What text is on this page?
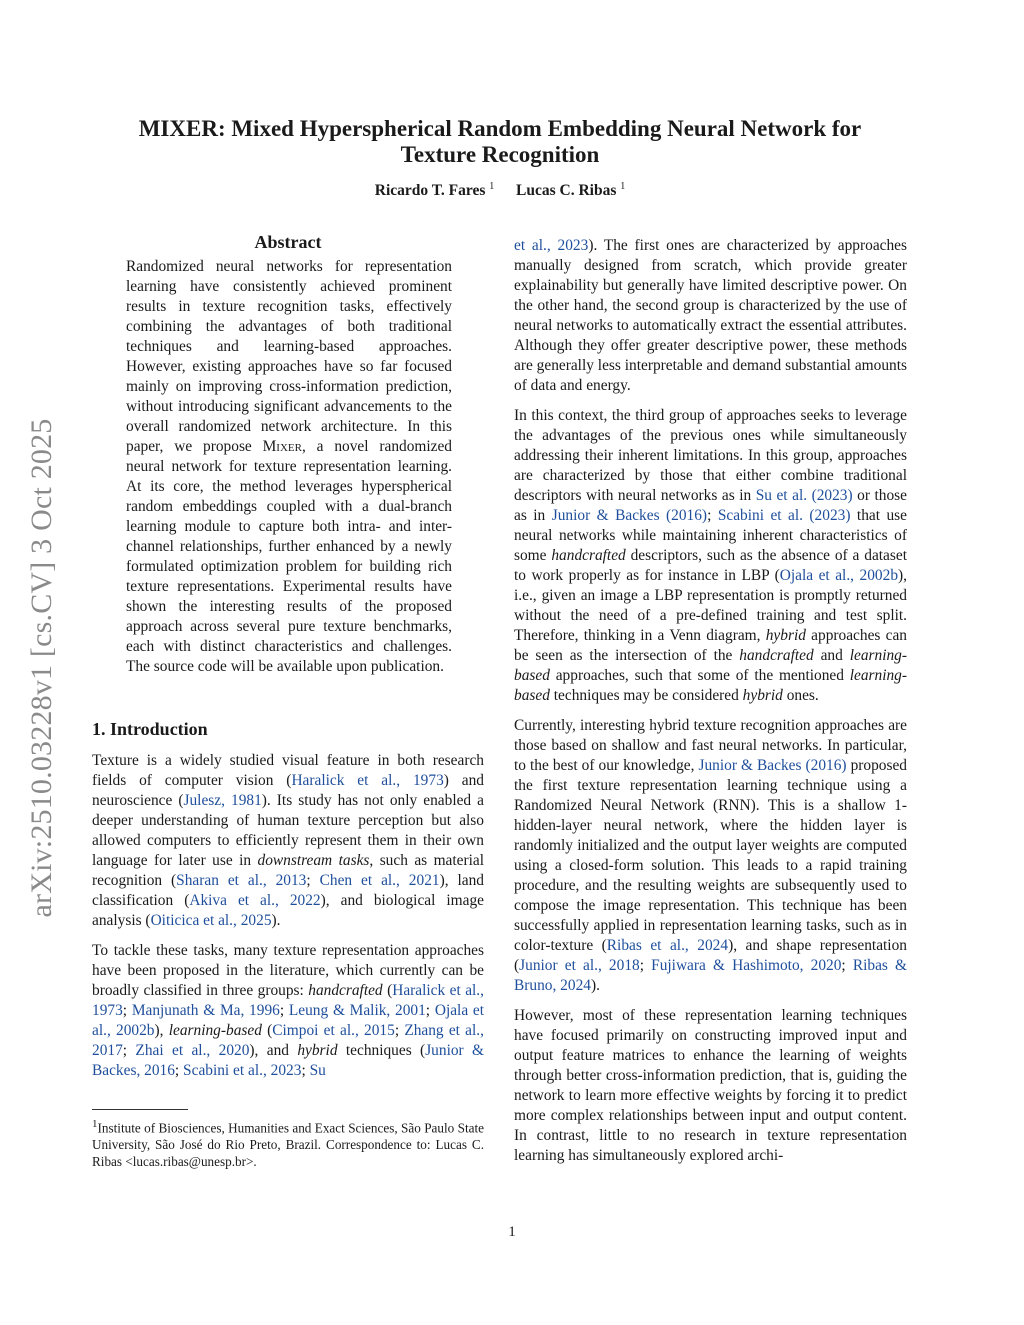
arXiv:2510.03228v1 [cs.CV] 3 Oct 2025
MIXER: Mixed Hyperspherical Random Embedding Neural Network for
Texture Recognition
Ricardo T. Fares $^1$ Lucas C. Ribas $^1$
Abstract

Randomized neural networks for representation learning have consistently achieved prominent results in texture recognition tasks, effectively combining the advantages of both traditional techniques and learning-based approaches. However, existing approaches have so far focused mainly on improving cross-information prediction, without introducing significant advancements to the overall randomized network architecture. In this paper, we propose Mixer, a novel randomized neural network for texture representation learning. At its core, the method leverages hyperspherical random embeddings coupled with a dual-branch learning module to capture both intra- and inter-channel relationships, further enhanced by a newly formulated optimization problem for building rich texture representations. Experimental results have shown the interesting results of the proposed approach across several pure texture benchmarks, each with distinct characteristics and challenges. The source code will be available upon publication.

1. Introduction

Texture is a widely studied visual feature in both research fields of computer vision (Haralick et al., 1973) and neuroscience (Julesz, 1981). Its study has not only enabled a deeper understanding of human texture perception but also allowed computers to efficiently represent them in their own language for later use in downstream tasks, such as material recognition (Sharan et al., 2013; Chen et al., 2021), land classification (Akiva et al., 2022), and biological image analysis (Oiticica et al., 2025).

To tackle these tasks, many texture representation approaches have been proposed in the literature, which currently can be broadly classified in three groups: handcrafted (Haralick et al., 1973; Manjunath & Ma, 1996; Leung & Malik, 2001; Ojala et al., 2002b), learning-based (Cimpoi et al., 2015; Zhang et al., 2017; Zhai et al., 2020), and hybrid techniques (Junior & Backes, 2016; Scabini et al., 2023; Su

et al., 2023). The first ones are characterized by approaches manually designed from scratch, which provide greater explainability but generally have limited descriptive power. On the other hand, the second group is characterized by the use of neural networks to automatically extract the essential attributes. Although they offer greater descriptive power, these methods are generally less interpretable and demand substantial amounts of data and energy.

In this context, the third group of approaches seeks to leverage the advantages of the previous ones while simultaneously addressing their inherent limitations. In this group, approaches are characterized by those that either combine traditional descriptors with neural networks as in Su et al. (2023) or those as in Junior & Backes (2016); Scabini et al. (2023) that use neural networks while maintaining inherent characteristics of some handcrafted descriptors, such as the absence of a dataset to work properly as for instance in LBP (Ojala et al., 2002b), i.e., given an image a LBP representation is promptly returned without the need of a pre-defined training and test split. Therefore, thinking in a Venn diagram, hybrid approaches can be seen as the intersection of the handcrafted and learning-based approaches, such that some of the mentioned learning-based techniques may be considered hybrid ones.

Currently, interesting hybrid texture recognition approaches are those based on shallow and fast neural networks. In particular, to the best of our knowledge, Junior & Backes (2016) proposed the first texture representation learning technique using a Randomized Neural Network (RNN). This is a shallow 1-hidden-layer neural network, where the hidden layer is randomly initialized and the output layer weights are computed using a closed-form solution. This leads to a rapid training procedure, and the resulting weights are subsequently used to compose the image representation. This technique has been successfully applied in representation learning tasks, such as in color-texture (Ribas et al., 2024), and shape representation (Junior et al., 2018; Fujiwara & Hashimoto, 2020; Ribas & Bruno, 2024).

However, most of these representation learning techniques have focused primarily on constructing improved input and output feature matrices to enhance the learning of weights through better cross-information prediction, that is, guiding the network to learn more effective weights by forcing it to predict more complex relationships between input and output content. In contrast, little to no research in texture representation learning has simultaneously explored archi-

$^1$Institute of Biosciences, Humanities and Exact Sciences, São Paulo State University, São José do Rio Preto, Brazil. Correspondence to: Lucas C. Ribas <lucas.ribas@unesp.br>.

1
